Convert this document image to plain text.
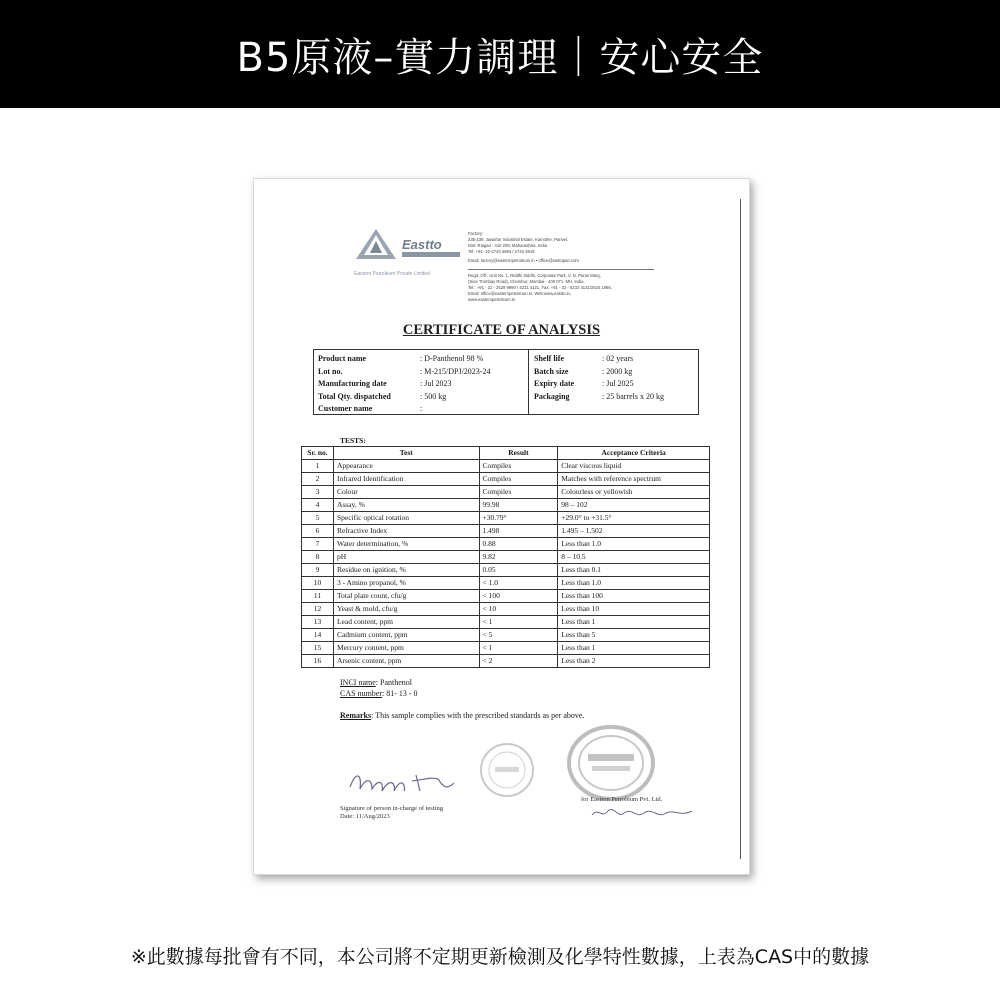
B5原液–實力調理｜安心安全
Eastto
Eastern Petroleum Private Limited
Factory:
235-239, Jawahar Industrial Estate, Kamothe, Panvel,
Dist: Raigad - 410 209, Maharashtra, India
Tel: +91- 22-2743 3694 / 2743 3819
Email: factory@easternpetroleum.in • office@eastopan.com
Regd. Off.: Unit No. 1, Riddhi Siddhi, Corporate Park, V. N. Purav Marg,
(Sion Trombay Road), Chembur, Mumbai - 400 071. MH, India.
Tel.: +91 - 22 - 2529 9990 / 4231 4121, Fax: +91 - 22 - 6232 4131/2524 1866,
Email: office@easternpetroleum.in, Web:www.eastto.in,
www.easternpetroleum.in
CERTIFICATE OF ANALYSIS
Product name	: D-Panthenol 98 %
Lot no.	: M-215/DPJ/2023-24
Manufacturing date	: Jul 2023
Total Qty. dispatched	: 500 kg
Customer name	:
Shelf life	: 02 years
Batch size	: 2000 kg
Expiry date	: Jul 2025
Packaging	: 25 barrels x 20 kg
TESTS:
Sr. no.	Test	Result	Acceptance Criteria
1	Appearance	Compiles	Clear viscous liquid
2	Infrared Identification	Compiles	Matches with reference spectrum
3	Colour	Compiles	Colourless or yellowish
4	Assay, %	99.98	98 – 102
5	Specific optical rotation	+30.79°	+29.0° to +31.5°
6	Refractive Index	1.498	1.495 – 1.502
7	Water determination, %	0.88	Less than 1.0
8	pH	9.82	8 – 10.5
9	Residue on ignition, %	0.05	Less than 0.1
10	3 - Amino propanol, %	< 1.0	Less than 1.0
11	Total plate count, cfu/g	< 100	Less than 100
12	Yeast & mold, cfu/g	< 10	Less than 10
13	Lead content, ppm	< 1	Less than 1
14	Cadmium content, ppm	< 5	Less than 5
15	Mercury content, ppm	< 1	Less than 1
16	Arsenic content, ppm	< 2	Less than 2
INCI name: Panthenol
CAS number: 81- 13 - 0
Remarks: This sample complies with the prescribed standards as per above.
Signature of person in-charge of testing
Date: 11/Aug/2023
for Eastern Petroleum Pvt. Ltd.
※此數據每批會有不同，本公司將不定期更新檢測及化學特性數據，上表為CAS中的數據
